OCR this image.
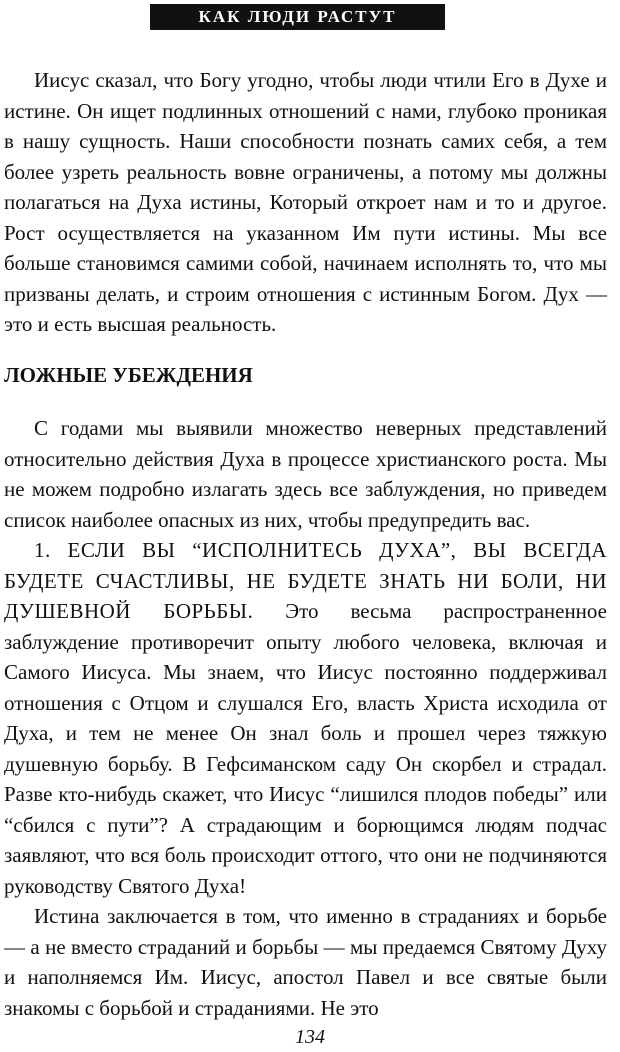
КАК ЛЮДИ РАСТУТ

Иисус сказал, что Богу угодно, чтобы люди чтили Его в Духе и истине. Он ищет подлинных отношений с нами, глубоко проникая в нашу сущность. Наши способности познать самих себя, а тем более узреть реальность вовне ограничены, а потому мы должны полагаться на Духа истины, Который откроет нам и то и другое. Рост осуществляется на указанном Им пути истины. Мы все больше становимся самими собой, начинаем исполнять то, что мы призваны делать, и строим отношения с истинным Богом. Дух — это и есть высшая реальность.

ЛОЖНЫЕ УБЕЖДЕНИЯ

С годами мы выявили множество неверных представлений относительно действия Духа в процессе христианского роста. Мы не можем подробно излагать здесь все заблуждения, но приведем список наиболее опасных из них, чтобы предупредить вас.

1. ЕСЛИ ВЫ “ИСПОЛНИТЕСЬ ДУХА”, ВЫ ВСЕГДА БУДЕТЕ СЧАСТЛИВЫ, НЕ БУДЕТЕ ЗНАТЬ НИ БОЛИ, НИ ДУШЕВНОЙ БОРЬБЫ. Это весьма распространенное заблуждение противоречит опыту любого человека, включая и Самого Иисуса. Мы знаем, что Иисус постоянно поддерживал отношения с Отцом и слушался Его, власть Христа исходила от Духа, и тем не менее Он знал боль и прошел через тяжкую душевную борьбу. В Гефсиманском саду Он скорбел и страдал. Разве кто-нибудь скажет, что Иисус “лишился плодов победы” или “сбился с пути”? А страдающим и борющимся людям подчас заявляют, что вся боль происходит оттого, что они не подчиняются руководству Святого Духа!

Истина заключается в том, что именно в страданиях и борьбе — а не вместо страданий и борьбы — мы предаемся Святому Духу и наполняемся Им. Иисус, апостол Павел и все святые были знакомы с борьбой и страданиями. Не это

134
